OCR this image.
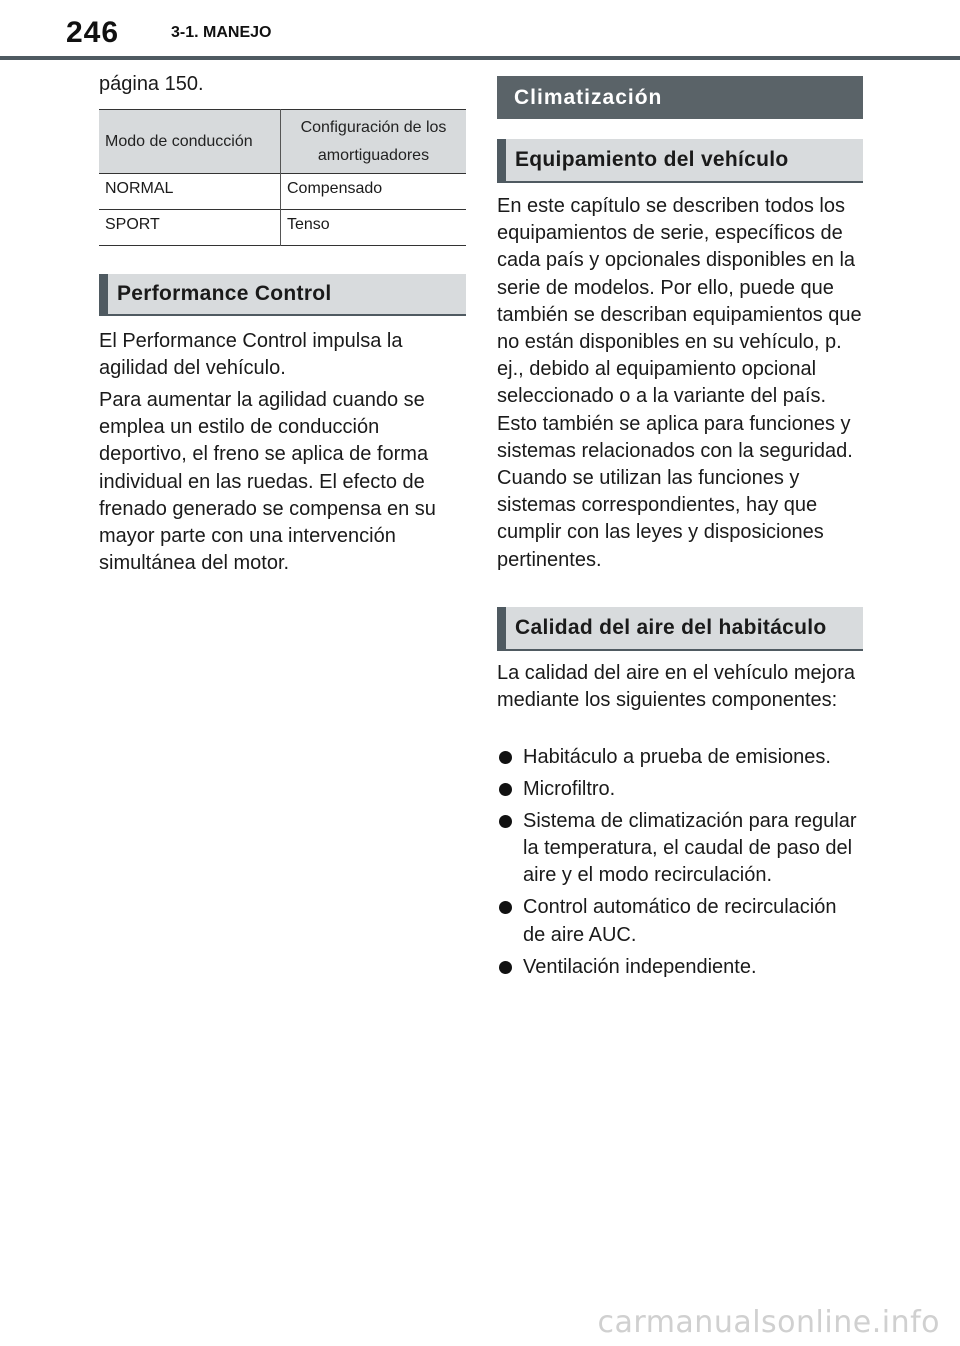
246	3-1. MANEJO

página 150.

Modo de conducción	Configuración de los amortiguadores
NORMAL	Compensado
SPORT	Tenso
Performance Control

El Performance Control impulsa la agilidad del vehículo.

Para aumentar la agilidad cuando se emplea un estilo de conducción deportivo, el freno se aplica de forma individual en las ruedas. El efecto de frenado generado se compensa en su mayor parte con una intervención simultánea del motor.

Climatización
Equipamiento del vehículo

En este capítulo se describen todos los equipamientos de serie, específicos de cada país y opcionales disponibles en la serie de modelos. Por ello, puede que también se describan equipamientos que no están disponibles en su vehículo, p. ej., debido al equipamiento opcional seleccionado o a la variante del país. Esto también se aplica para funciones y sistemas relacionados con la seguridad. Cuando se utilizan las funciones y sistemas correspondientes, hay que cumplir con las leyes y disposiciones pertinentes.

Calidad del aire del habitáculo

La calidad del aire en el vehículo mejora mediante los siguientes componentes:

Habitáculo a prueba de emisiones.
Microfiltro.
Sistema de climatización para regular la temperatura, el caudal de paso del aire y el modo recirculación.
Control automático de recirculación de aire AUC.
Ventilación independiente.
carmanualsonline.info
